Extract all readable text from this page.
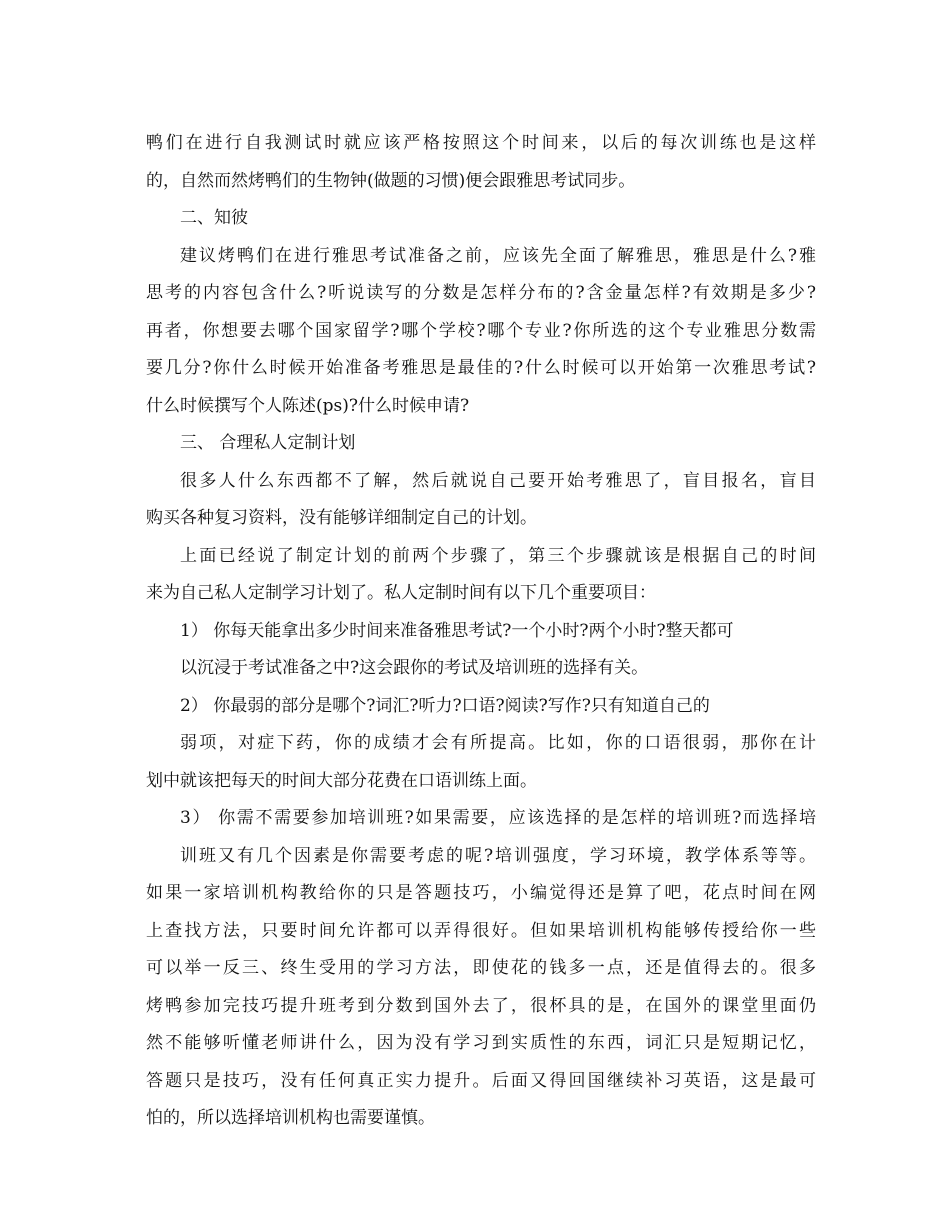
鸭们在进行自我测试时就应该严格按照这个时间来，以后的每次训练也是这样
的，自然而然烤鸭们的生物钟(做题的习惯)便会跟雅思考试同步。
二、知彼
建议烤鸭们在进行雅思考试准备之前，应该先全面了解雅思，雅思是什么?雅
思考的内容包含什么?听说读写的分数是怎样分布的?含金量怎样?有效期是多少?
再者，你想要去哪个国家留学?哪个学校?哪个专业?你所选的这个专业雅思分数需
要几分?你什么时候开始准备考雅思是最佳的?什么时候可以开始第一次雅思考试?
什么时候撰写个人陈述(ps)?什么时候申请?
三、 合理私人定制计划
很多人什么东西都不了解，然后就说自己要开始考雅思了，盲目报名，盲目
购买各种复习资料，没有能够详细制定自己的计划。
上面已经说了制定计划的前两个步骤了，第三个步骤就该是根据自己的时间
来为自己私人定制学习计划了。私人定制时间有以下几个重要项目：
1） 你每天能拿出多少时间来准备雅思考试?一个小时?两个小时?整天都可
以沉浸于考试准备之中?这会跟你的考试及培训班的选择有关。
2） 你最弱的部分是哪个?词汇?听力?口语?阅读?写作?只有知道自己的
弱项，对症下药，你的成绩才会有所提高。比如，你的口语很弱，那你在计
划中就该把每天的时间大部分花费在口语训练上面。
3） 你需不需要参加培训班?如果需要，应该选择的是怎样的培训班?而选择培
训班又有几个因素是你需要考虑的呢?培训强度，学习环境，教学体系等等。
如果一家培训机构教给你的只是答题技巧，小编觉得还是算了吧，花点时间在网
上查找方法，只要时间允许都可以弄得很好。但如果培训机构能够传授给你一些
可以举一反三、终生受用的学习方法，即使花的钱多一点，还是值得去的。很多
烤鸭参加完技巧提升班考到分数到国外去了，很杯具的是，在国外的课堂里面仍
然不能够听懂老师讲什么，因为没有学习到实质性的东西，词汇只是短期记忆，
答题只是技巧，没有任何真正实力提升。后面又得回国继续补习英语，这是最可
怕的，所以选择培训机构也需要谨慎。
